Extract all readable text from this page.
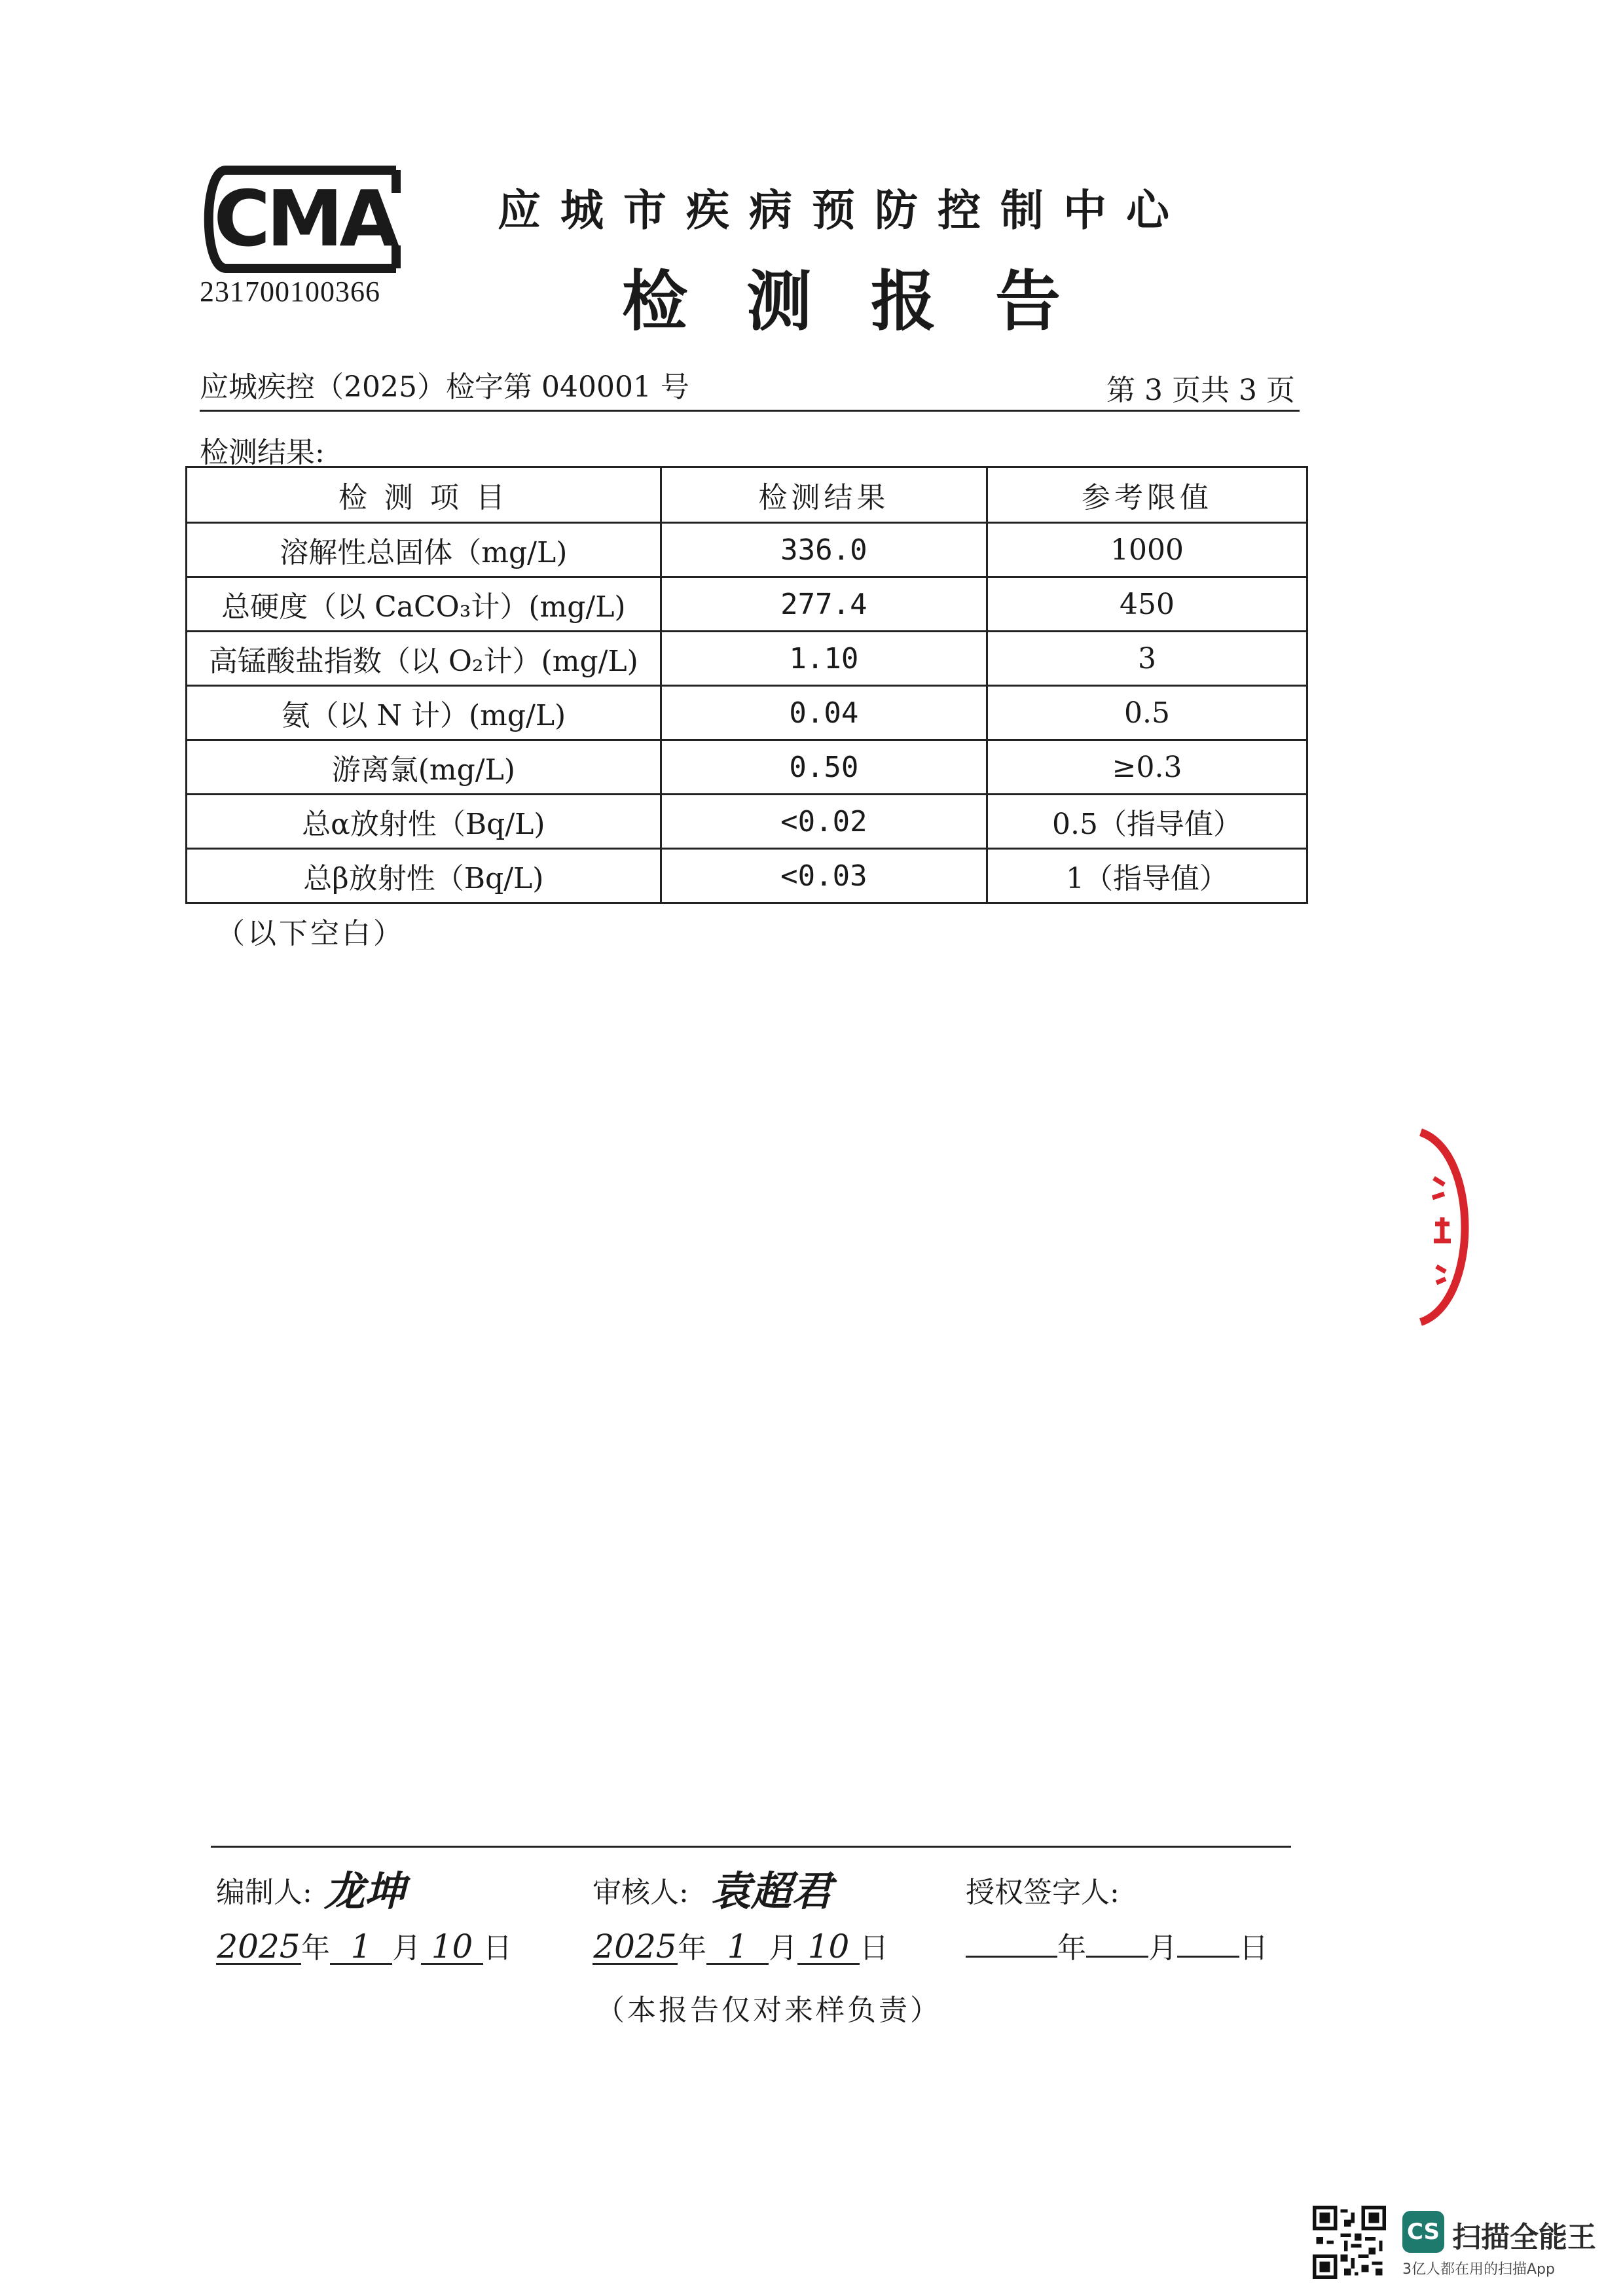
CMA
231700100366
应城市疾病预防控制中心
检测报告
应城疾控（2025）检字第 040001 号	第 3 页共 3 页
检测结果:
检 测 项 目	检测结果	参考限值
溶解性总固体（mg/L)	336.0	1000
总硬度（以 CaCO₃计）(mg/L)	277.4	450
高锰酸盐指数（以 O₂计）(mg/L)	1.10	3
氨（以 N 计）(mg/L)	0.04	0.5
游离氯(mg/L)	0.50	≥0.3
总α放射性（Bq/L)	<0.02	0.5（指导值）
总β放射性（Bq/L)	<0.03	1（指导值）
（以下空白）
编制人: 龙坤	审核人: 袁超君	授权签字人:
2025年 1 月 10 日 2025年 1 月 10 日	年 月 日
（本报告仅对来样负责）
CS 扫描全能王
3亿人都在用的扫描App
